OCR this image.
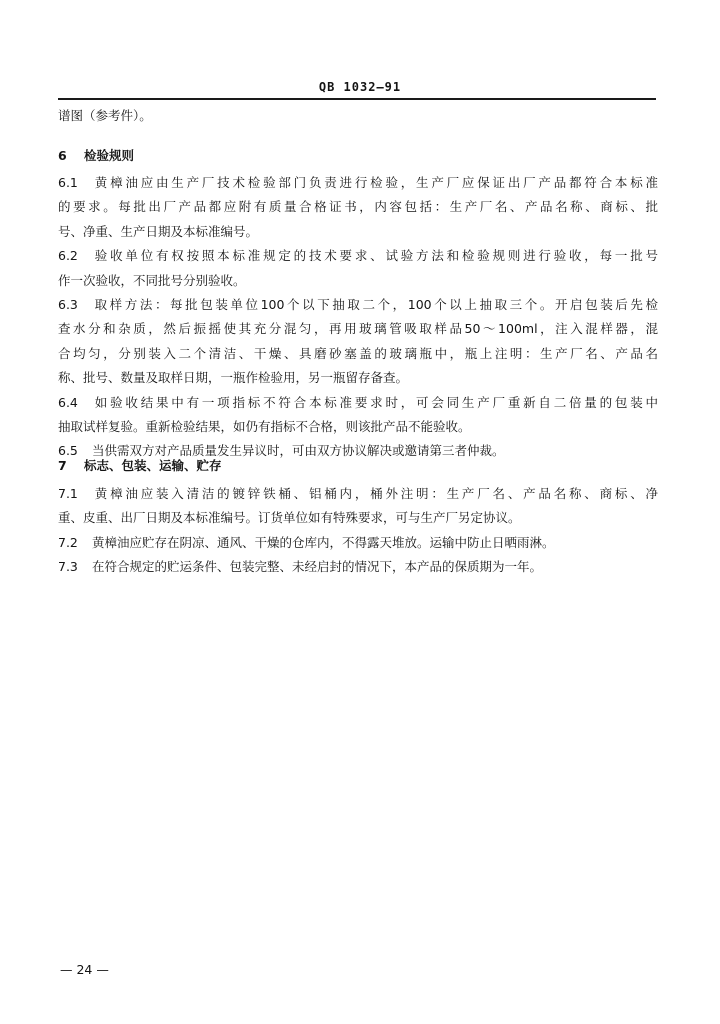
QB 1032—91
谱图（参考件）。
6 检验规则
6.1 黄樟油应由生产厂技术检验部门负责进行检验，生产厂应保证出厂产品都符合本标准
的要求。每批出厂产品都应附有质量合格证书，内容包括：生产厂名、产品名称、商标、批
号、净重、生产日期及本标准编号。
6.2 验收单位有权按照本标准规定的技术要求、试验方法和检验规则进行验收，每一批号
作一次验收，不同批号分别验收。
6.3 取样方法：每批包装单位100个以下抽取二个，100个以上抽取三个。开启包装后先检
查水分和杂质，然后振摇使其充分混匀，再用玻璃管吸取样品50～100ml，注入混样器，混
合均匀，分别装入二个清洁、干燥、具磨砂塞盖的玻璃瓶中，瓶上注明：生产厂名、产品名
称、批号、数量及取样日期，一瓶作检验用，另一瓶留存备查。
6.4 如验收结果中有一项指标不符合本标准要求时，可会同生产厂重新自二倍量的包装中
抽取试样复验。重新检验结果，如仍有指标不合格，则该批产品不能验收。
6.5 当供需双方对产品质量发生异议时，可由双方协议解决或邀请第三者仲裁。
7 标志、包装、运输、贮存
7.1 黄樟油应装入清洁的镀锌铁桶、铝桶内，桶外注明：生产厂名、产品名称、商标、净
重、皮重、出厂日期及本标准编号。订货单位如有特殊要求，可与生产厂另定协议。
7.2 黄樟油应贮存在阴凉、通风、干燥的仓库内，不得露天堆放。运输中防止日晒雨淋。
7.3 在符合规定的贮运条件、包装完整、未经启封的情况下，本产品的保质期为一年。
— 24 —
